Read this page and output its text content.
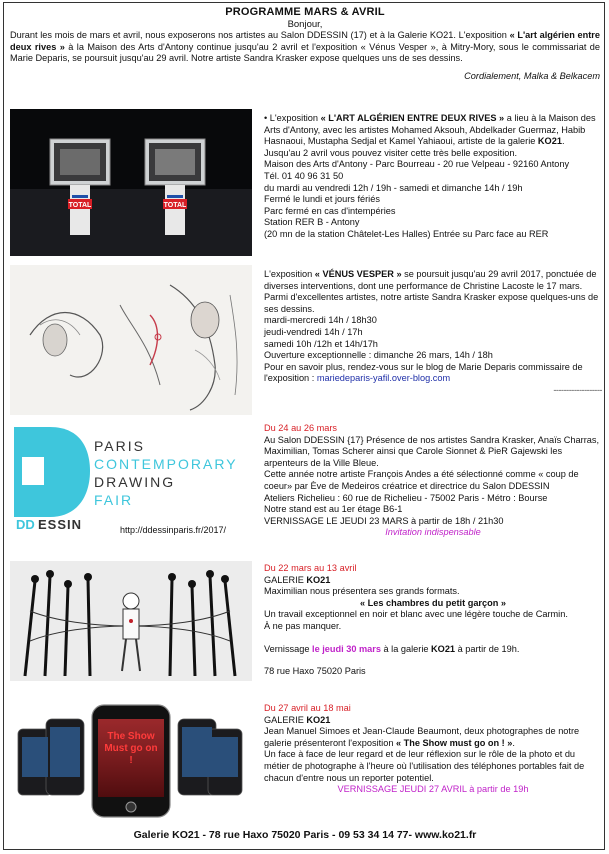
PROGRAMME MARS & AVRIL
Bonjour,

Durant les mois de mars et avril, nous exposerons nos artistes au Salon DDESSIN (17) et à la Galerie KO21. L'exposition « L'art algérien entre deux rives » à la Maison des Arts d'Antony continue jusqu'au 2 avril et l'exposition « Vénus Vesper », à Mitry-Mory, sous le commissariat de Marie Deparis, se poursuit jusqu'au 29 avril. Notre artiste Sandra Krasker expose quelques uns de ses dessins.

Cordialement, Malka & Belkacem
TOTAL	TOTAL

• L'exposition « L'ART ALGÉRIEN ENTRE DEUX RIVES » a lieu à la Maison des Arts d'Antony, avec les artistes Mohamed Aksouh, Abdelkader Guermaz, Habib Hasnaoui, Mustapha Sedjal et Kamel Yahiaoui, artiste de la galerie KO21.

Jusqu'au 2 avril vous pouvez visiter cette très belle exposition.

Maison des Arts d'Antony - Parc Bourreau - 20 rue Velpeau - 92160 Antony

Tél. 01 40 96 31 50

du mardi au vendredi 12h / 19h - samedi et dimanche 14h / 19h

Fermé le lundi et jours fériés

Parc fermé en cas d'intempéries

Station RER B - Antony

(20 mn de la station Châtelet-Les Halles) Entrée su Parc face au RER

L'exposition « VÉNUS VESPER » se poursuit jusqu'au 29 avril 2017, ponctuée de diverses interventions, dont une performance de Christine Lacoste le 17 mars. Parmi d'excellentes artistes, notre artiste Sandra Krasker expose quelques-uns de ses dessins.

mardi-mercredi 14h / 18h30

jeudi-vendredi 14h / 17h

samedi 10h /12h et 14h/17h

Ouverture exceptionnelle : dimanche 26 mars, 14h / 18h

Pour en savoir plus, rendez-vous sur le blog de Marie Deparis commissaire de l'exposition : mariedeparis-yafil.over-blog.com

-------------------

PARIS
CONTEMPORARY
DRAWING
FAIR
DD ESSIN	http://ddessinparis.fr/2017/

Du 24 au 26 mars

Au Salon DDESSIN {17} Présence de nos artistes Sandra Krasker, Anaïs Charras, Maximilian, Tomas Scherer ainsi que Carole Sionnet & PieR Gajewski les arpenteurs de la Ville Bleue.

Cette année notre artiste François Andes a été sélectionné comme « coup de coeur» par Ève de Medeiros créatrice et directrice du Salon DDESSIN

Ateliers Richelieu : 60 rue de Richelieu - 75002 Paris - Métro : Bourse

Notre stand est au 1er étage B6-1

VERNISSAGE LE JEUDI 23 MARS à partir de 18h / 21h30

Invitation indispensable

Du 22 mars au 13 avril

GALERIE KO21

Maximilian nous présentera ses grands formats.

« Les chambres du petit garçon »

Un travail exceptionnel en noir et blanc avec une légère touche de Carmin.

À ne pas manquer.

Vernissage le jeudi 30 mars à la galerie KO21 à partir de 19h.

78 rue Haxo 75020 Paris

The Show Must go on !

Du 27 avril au 18 mai

GALERIE KO21

Jean Manuel Simoes et Jean-Claude Beaumont, deux photographes de notre galerie présenteront l'exposition « The Show must go on ! ».

Un face à face de leur regard et de leur réflexion sur le rôle de la photo et du métier de photographe à l'heure où l'utilisation des téléphones portables fait de chacun d'entre nous un reporter potentiel.

VERNISSAGE JEUDI 27 AVRIL à partir de 19h

Galerie KO21 - 78 rue Haxo 75020 Paris - 09 53 34 14 77- www.ko21.fr
